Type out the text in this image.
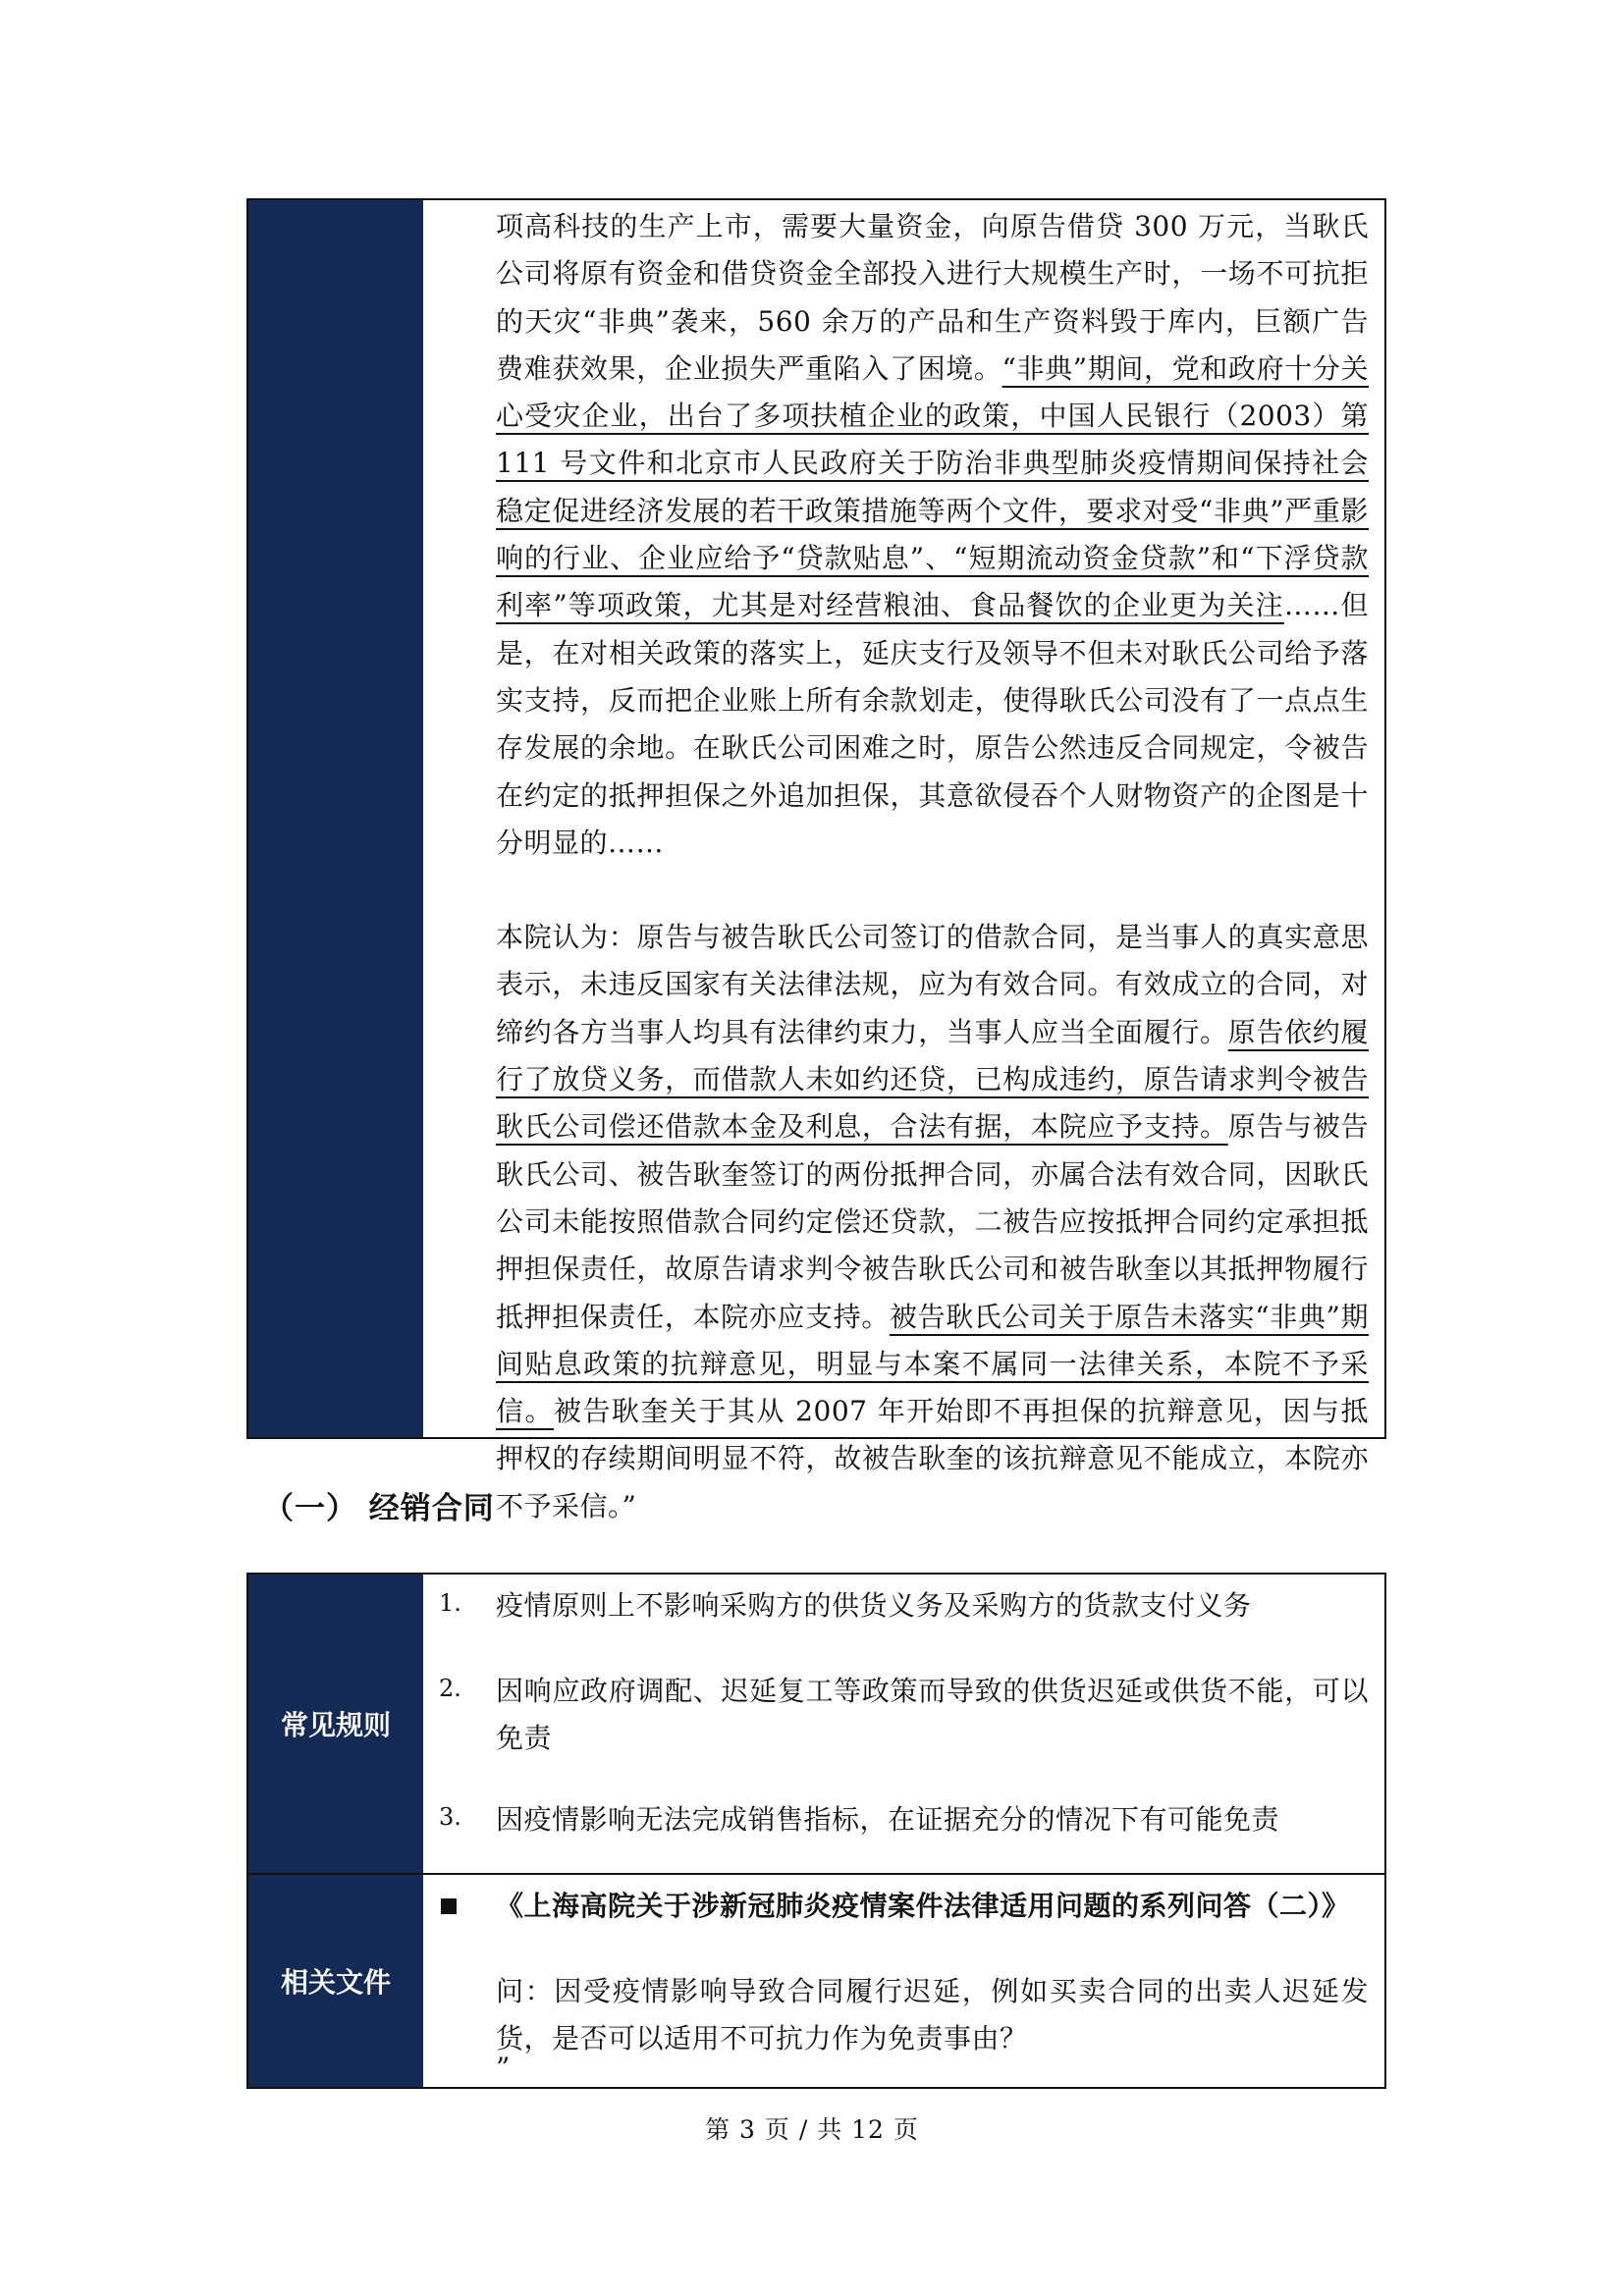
项高科技的生产上市，需要大量资金，向原告借贷 300 万元，当耿氏公司将原有资金和借贷资金全部投入进行大规模生产时，一场不可抗拒的天灾“非典”袭来，560 余万的产品和生产资料毁于库内，巨额广告费难获效果，企业损失严重陷入了困境。“非典”期间，党和政府十分关心受灾企业，出台了多项扶植企业的政策，中国人民银行（2003）第 111 号文件和北京市人民政府关于防治非典型肺炎疫情期间保持社会稳定促进经济发展的若干政策措施等两个文件，要求对受“非典”严重影响的行业、企业应给予“贷款贴息”、“短期流动资金贷款”和“下浮贷款利率”等项政策，尤其是对经营粮油、食品餐饮的企业更为关注……但是，在对相关政策的落实上，延庆支行及领导不但未对耿氏公司给予落实支持，反而把企业账上所有余款划走，使得耿氏公司没有了一点点生存发展的余地。在耿氏公司困难之时，原告公然违反合同规定，令被告在约定的抵押担保之外追加担保，其意欲侵吞个人财物资产的企图是十分明显的……

本院认为：原告与被告耿氏公司签订的借款合同，是当事人的真实意思表示，未违反国家有关法律法规，应为有效合同。有效成立的合同，对缔约各方当事人均具有法律约束力，当事人应当全面履行。原告依约履行了放贷义务，而借款人未如约还贷，已构成违约，原告请求判令被告耿氏公司偿还借款本金及利息，合法有据，本院应予支持。原告与被告耿氏公司、被告耿奎签订的两份抵押合同，亦属合法有效合同，因耿氏公司未能按照借款合同约定偿还贷款，二被告应按抵押合同约定承担抵押担保责任，故原告请求判令被告耿氏公司和被告耿奎以其抵押物履行抵押担保责任，本院亦应支持。被告耿氏公司关于原告未落实“非典”期间贴息政策的抗辩意见，明显与本案不属同一法律关系，本院不予采信。被告耿奎关于其从 2007 年开始即不再担保的抗辩意见，因与抵押权的存续期间明显不符，故被告耿奎的该抗辩意见不能成立，本院亦不予采信。”

（一） 经销合同
常见规则
1. 疫情原则上不影响采购方的供货义务及采购方的货款支付义务
2. 因响应政府调配、迟延复工等政策而导致的供货迟延或供货不能，可以免责
3. 因疫情影响无法完成销售指标，在证据充分的情况下有可能免责
相关文件
《上海高院关于涉新冠肺炎疫情案件法律适用问题的系列问答（二）》
问：因受疫情影响导致合同履行迟延，例如买卖合同的出卖人迟延发货，是否可以适用不可抗力作为免责事由？
”
第 3 页 / 共 12 页
